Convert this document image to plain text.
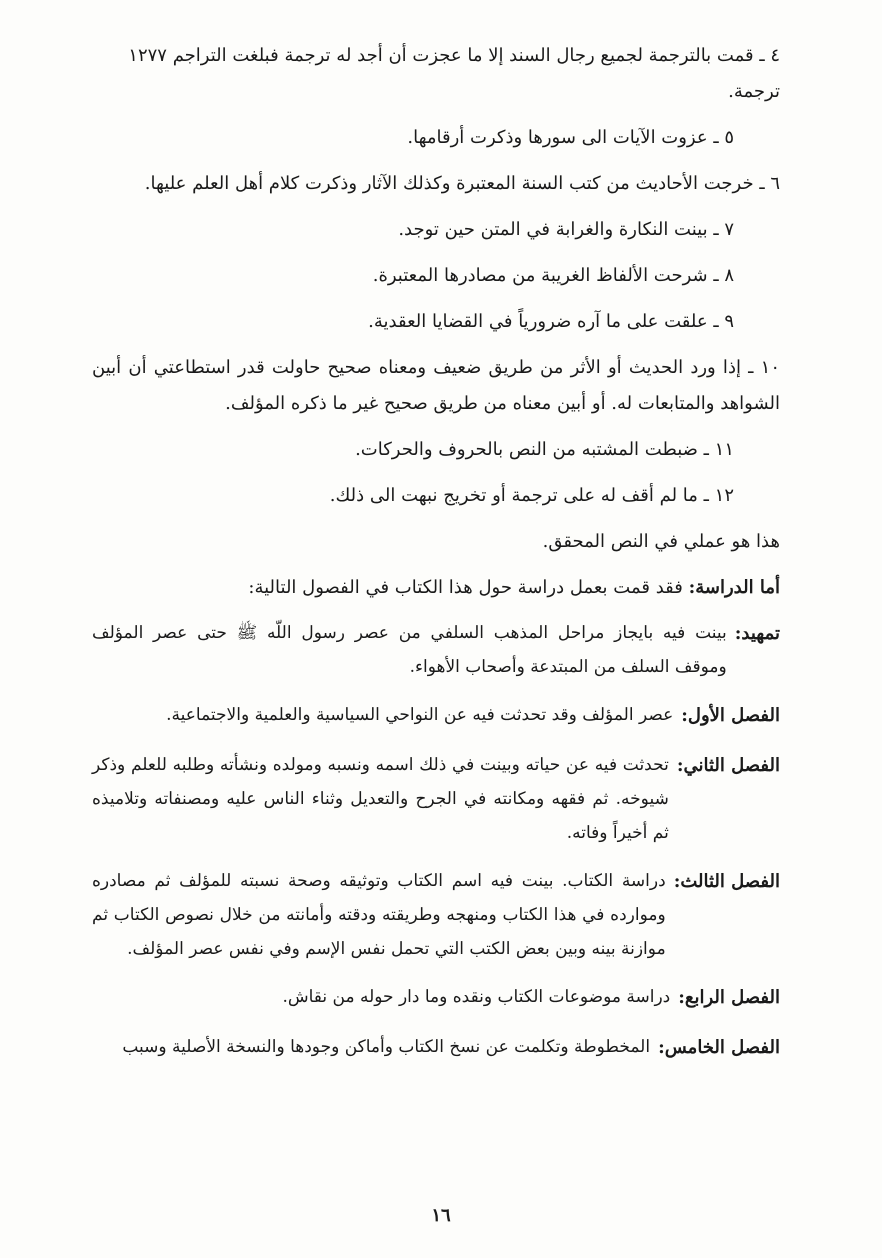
٤ ـ قمت بالترجمة لجميع رجال السند إلا ما عجزت أن أجد له ترجمة فبلغت التراجم ١٢٧٧ ترجمة.

٥ ـ عزوت الآيات الى سورها وذكرت أرقامها.

٦ ـ خرجت الأحاديث من كتب السنة المعتبرة وكذلك الآثار وذكرت كلام أهل العلم عليها.

٧ ـ بينت النكارة والغرابة في المتن حين توجد.

٨ ـ شرحت الألفاظ الغريبة من مصادرها المعتبرة.

٩ ـ علقت على ما آره ضرورياً في القضايا العقدية.

١٠ ـ إذا ورد الحديث أو الأثر من طريق ضعيف ومعناه صحيح حاولت قدر استطاعتي أن أبين الشواهد والمتابعات له. أو أبين معناه من طريق صحيح غير ما ذكره المؤلف.

١١ ـ ضبطت المشتبه من النص بالحروف والحركات.

١٢ ـ ما لم أقف له على ترجمة أو تخريج نبهت الى ذلك.

هذا هو عملي في النص المحقق.

أما الدراسة: فقد قمت بعمل دراسة حول هذا الكتاب في الفصول التالية:

تمهيد:
بينت فيه بايجاز مراحل المذهب السلفي من عصر رسول اللّه ﷺ حتى عصر المؤلف وموقف السلف من المبتدعة وأصحاب الأهواء.
الفصل الأول:
عصر المؤلف وقد تحدثت فيه عن النواحي السياسية والعلمية والاجتماعية.
الفصل الثاني:
تحدثت فيه عن حياته وبينت في ذلك اسمه ونسبه ومولده ونشأته وطلبه للعلم وذكر شيوخه. ثم فقهه ومكانته في الجرح والتعديل وثناء الناس عليه ومصنفاته وتلاميذه ثم أخيراً وفاته.
الفصل الثالث:
دراسة الكتاب. بينت فيه اسم الكتاب وتوثيقه وصحة نسبته للمؤلف ثم مصادره وموارده في هذا الكتاب ومنهجه وطريقته ودقته وأمانته من خلال نصوص الكتاب ثم موازنة بينه وبين بعض الكتب التي تحمل نفس الإسم وفي نفس عصر المؤلف.
الفصل الرابع:
دراسة موضوعات الكتاب ونقده وما دار حوله من نقاش.
الفصل الخامس:
المخطوطة وتكلمت عن نسخ الكتاب وأماكن وجودها والنسخة الأصلية وسبب
١٦
